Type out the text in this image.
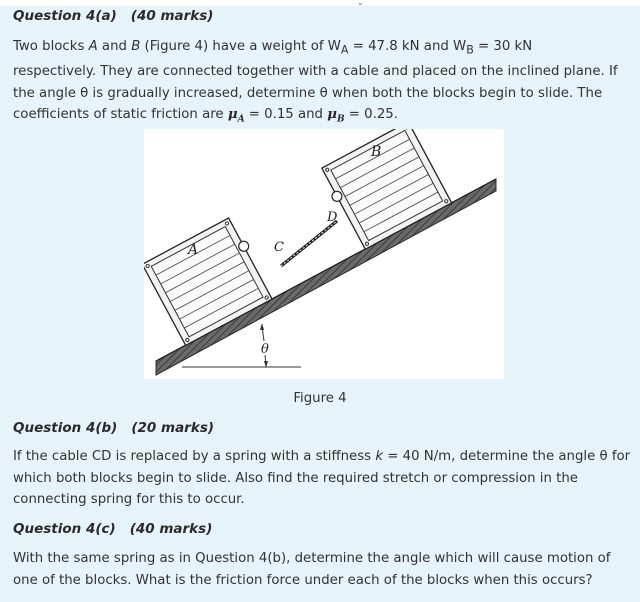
⌄

Question 4(a) (40 marks)

Two blocks A and B (Figure 4) have a weight of $W_A = 47.8$ kN and $W_B = 30$ kN
respectively. They are connected together with a cable and placed on the inclined plane. If
the angle θ is gradually increased, determine θ when both the blocks begin to slide. The
coefficients of static friction are $\mu_A = 0.15$ and $\mu_B = 0.25$.
A
B
C
D
θ
Figure 4

Question 4(b) (20 marks)

If the cable CD is replaced by a spring with a stiffness k = 40 N/m, determine the angle θ for
which both blocks begin to slide. Also find the required stretch or compression in the
connecting spring for this to occur.

Question 4(c) (40 marks)

With the same spring as in Question 4(b), determine the angle which will cause motion of
one of the blocks. What is the friction force under each of the blocks when this occurs?
